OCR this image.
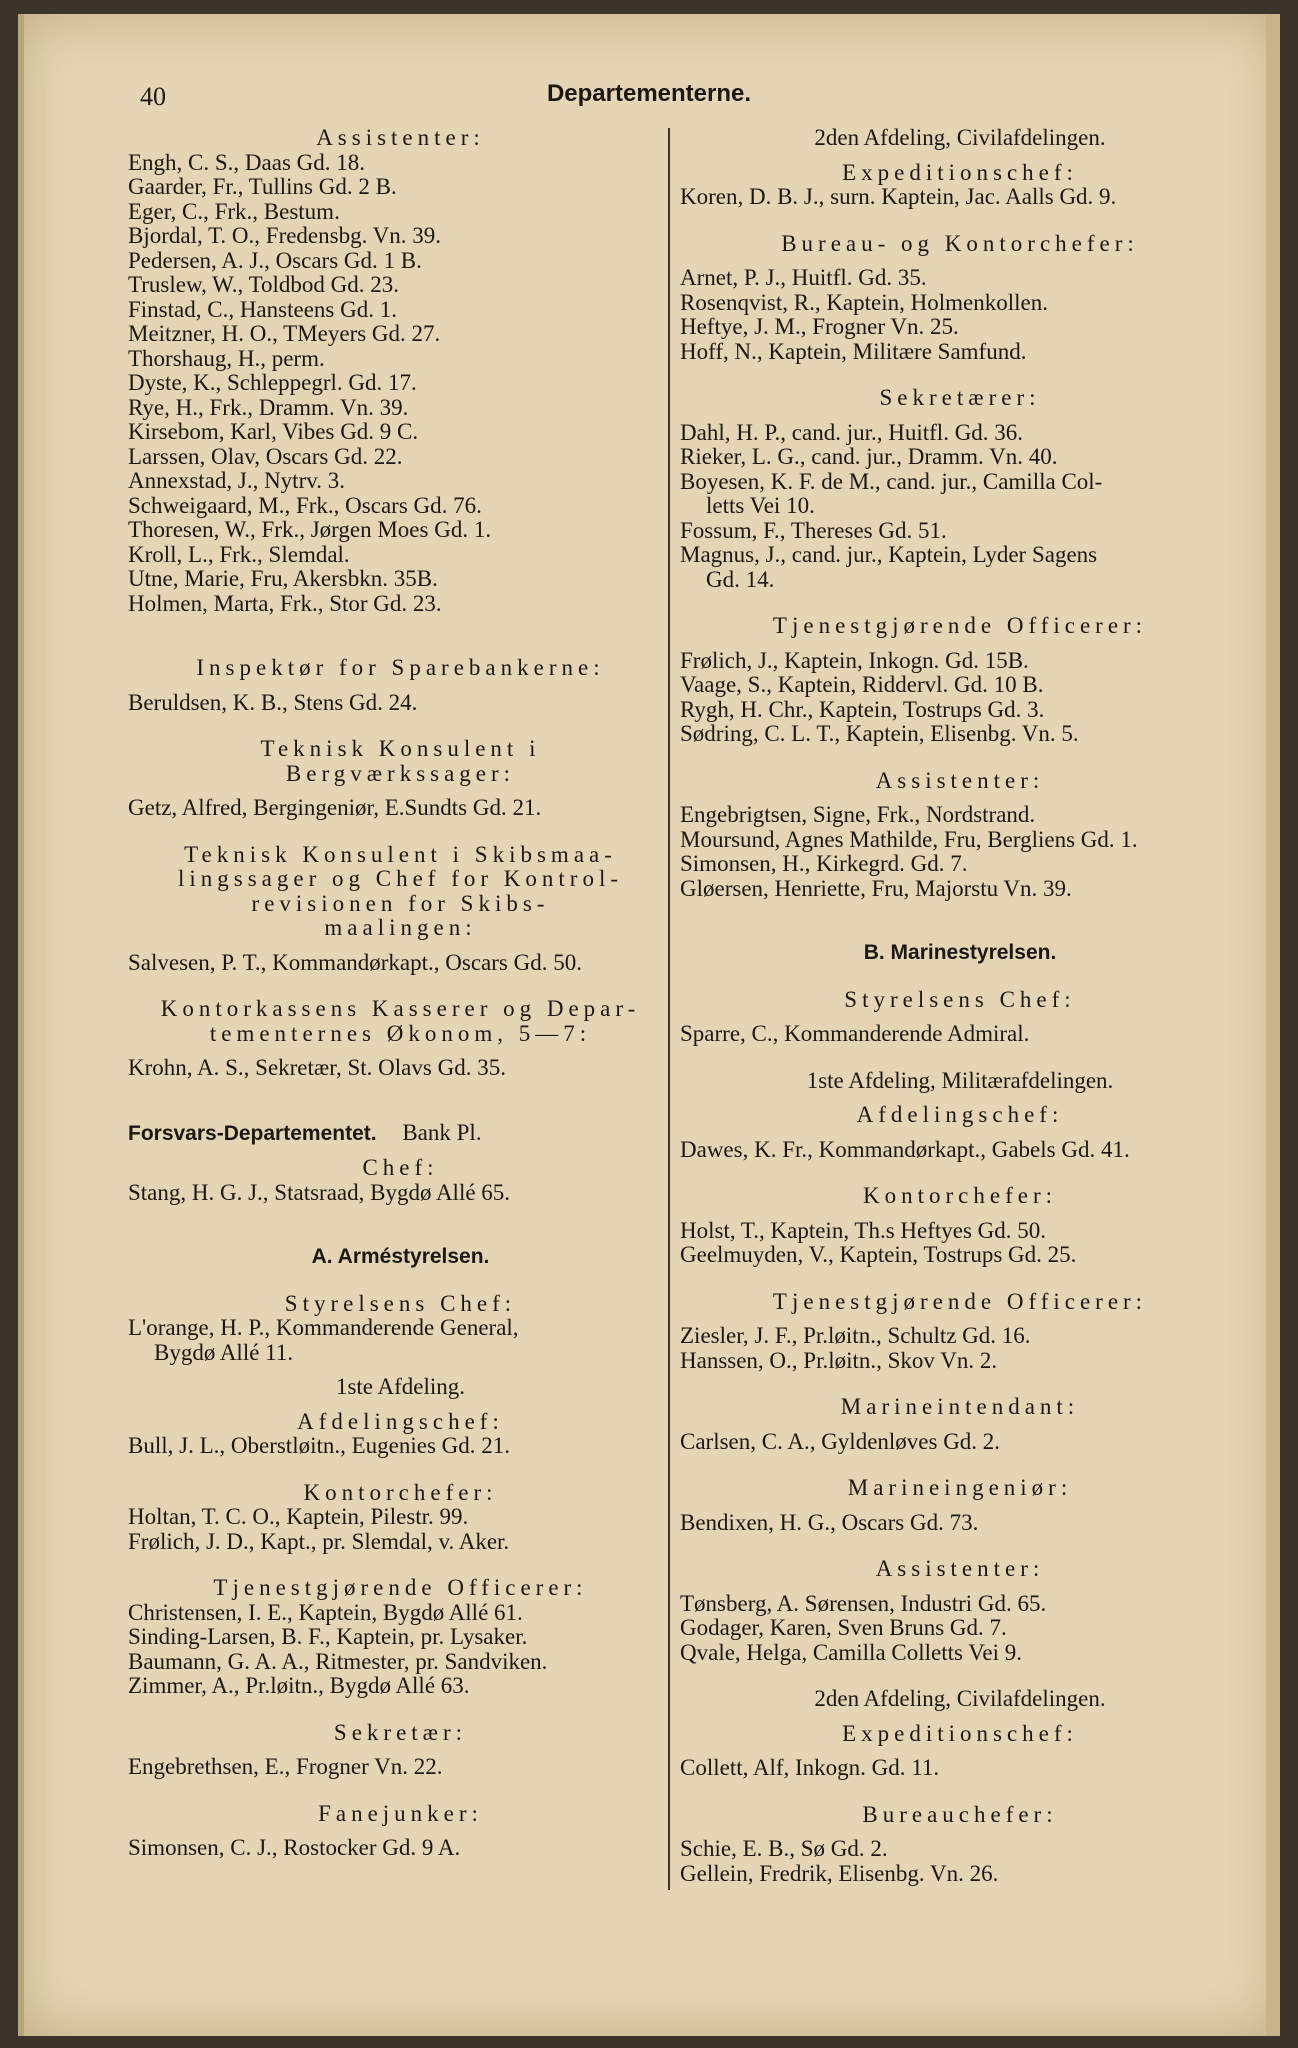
40	Departementerne.
Assistenter:
Engh, C. S., Daas Gd. 18.
Gaarder, Fr., Tullins Gd. 2 B.
Eger, C., Frk., Bestum.
Bjordal, T. O., Fredensbg. Vn. 39.
Pedersen, A. J., Oscars Gd. 1 B.
Truslew, W., Toldbod Gd. 23.
Finstad, C., Hansteens Gd. 1.
Meitzner, H. O., TMeyers Gd. 27.
Thorshaug, H., perm.
Dyste, K., Schleppegrl. Gd. 17.
Rye, H., Frk., Dramm. Vn. 39.
Kirsebom, Karl, Vibes Gd. 9 C.
Larssen, Olav, Oscars Gd. 22.
Annexstad, J., Nytrv. 3.
Schweigaard, M., Frk., Oscars Gd. 76.
Thoresen, W., Frk., Jørgen Moes Gd. 1.
Kroll, L., Frk., Slemdal.
Utne, Marie, Fru, Akersbkn. 35B.
Holmen, Marta, Frk., Stor Gd. 23.
Inspektør for Sparebankerne:
Beruldsen, K. B., Stens Gd. 24.
Teknisk Konsulent i
Bergværkssager:
Getz, Alfred, Bergingeniør, E.Sundts Gd. 21.
Teknisk Konsulent i Skibsmaa-
lingssager og Chef for Kontrol-
revisionen for Skibs-
maalingen:
Salvesen, P. T., Kommandørkapt., Oscars Gd. 50.
Kontorkassens Kasserer og Depar-
tementernes Økonom, 5—7:
Krohn, A. S., Sekretær, St. Olavs Gd. 35.
Forsvars-Departementet. Bank Pl.
Chef:
Stang, H. G. J., Statsraad, Bygdø Allé 65.
A. Arméstyrelsen.
Styrelsens Chef:
L'orange, H. P., Kommanderende General,
Bygdø Allé 11.
1ste Afdeling.
Afdelingschef:
Bull, J. L., Oberstløitn., Eugenies Gd. 21.
Kontorchefer:
Holtan, T. C. O., Kaptein, Pilestr. 99.
Frølich, J. D., Kapt., pr. Slemdal, v. Aker.
Tjenestgjørende Officerer:
Christensen, I. E., Kaptein, Bygdø Allé 61.
Sinding-Larsen, B. F., Kaptein, pr. Lysaker.
Baumann, G. A. A., Ritmester, pr. Sandviken.
Zimmer, A., Pr.løitn., Bygdø Allé 63.
Sekretær:
Engebrethsen, E., Frogner Vn. 22.
Fanejunker:
Simonsen, C. J., Rostocker Gd. 9 A.
2den Afdeling, Civilafdelingen.
Expeditionschef:
Koren, D. B. J., surn. Kaptein, Jac. Aalls Gd. 9.
Bureau- og Kontorchefer:
Arnet, P. J., Huitfl. Gd. 35.
Rosenqvist, R., Kaptein, Holmenkollen.
Heftye, J. M., Frogner Vn. 25.
Hoff, N., Kaptein, Militære Samfund.
Sekretærer:
Dahl, H. P., cand. jur., Huitfl. Gd. 36.
Rieker, L. G., cand. jur., Dramm. Vn. 40.
Boyesen, K. F. de M., cand. jur., Camilla Col-
letts Vei 10.
Fossum, F., Thereses Gd. 51.
Magnus, J., cand. jur., Kaptein, Lyder Sagens
Gd. 14.
Tjenestgjørende Officerer:
Frølich, J., Kaptein, Inkogn. Gd. 15B.
Vaage, S., Kaptein, Riddervl. Gd. 10 B.
Rygh, H. Chr., Kaptein, Tostrups Gd. 3.
Sødring, C. L. T., Kaptein, Elisenbg. Vn. 5.
Assistenter:
Engebrigtsen, Signe, Frk., Nordstrand.
Moursund, Agnes Mathilde, Fru, Bergliens Gd. 1.
Simonsen, H., Kirkegrd. Gd. 7.
Gløersen, Henriette, Fru, Majorstu Vn. 39.
B. Marinestyrelsen.
Styrelsens Chef:
Sparre, C., Kommanderende Admiral.
1ste Afdeling, Militærafdelingen.
Afdelingschef:
Dawes, K. Fr., Kommandørkapt., Gabels Gd. 41.
Kontorchefer:
Holst, T., Kaptein, Th.s Heftyes Gd. 50.
Geelmuyden, V., Kaptein, Tostrups Gd. 25.
Tjenestgjørende Officerer:
Ziesler, J. F., Pr.løitn., Schultz Gd. 16.
Hanssen, O., Pr.løitn., Skov Vn. 2.
Marineintendant:
Carlsen, C. A., Gyldenløves Gd. 2.
Marineingeniør:
Bendixen, H. G., Oscars Gd. 73.
Assistenter:
Tønsberg, A. Sørensen, Industri Gd. 65.
Godager, Karen, Sven Bruns Gd. 7.
Qvale, Helga, Camilla Colletts Vei 9.
2den Afdeling, Civilafdelingen.
Expeditionschef:
Collett, Alf, Inkogn. Gd. 11.
Bureauchefer:
Schie, E. B., Sø Gd. 2.
Gellein, Fredrik, Elisenbg. Vn. 26.
